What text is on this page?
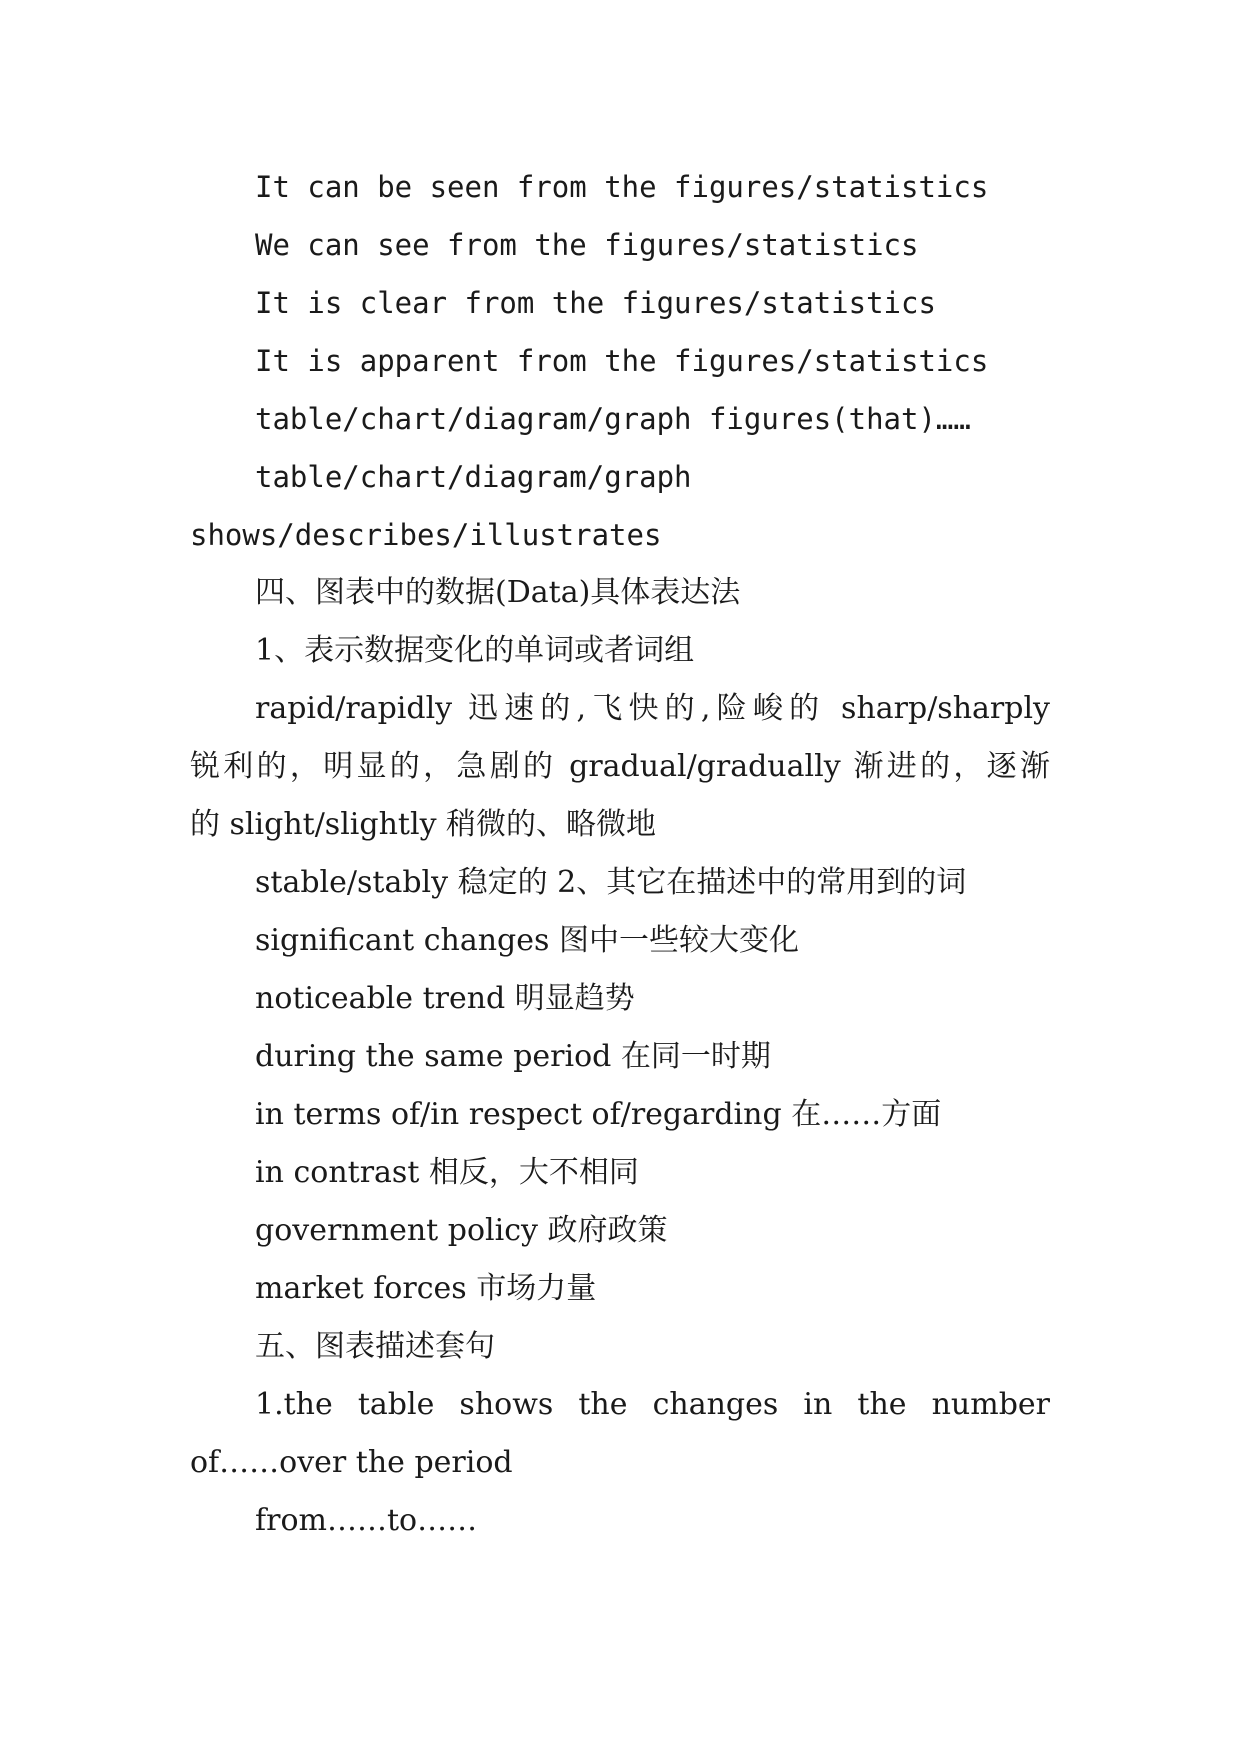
It can be seen from the figures/statistics

We can see from the figures/statistics

It is clear from the figures/statistics

It is apparent from the figures/statistics

table/chart/diagram/graph figures(that)……

table/chart/diagram/graph

shows/describes/illustrates

四、图表中的数据(Data)具体表达法

1、表示数据变化的单词或者词组

rapid/rapidly 迅速的,飞快的,险峻的 sharp/sharply

锐利的，明显的，急剧的 gradual/gradually 渐进的，逐渐

的 slight/slightly 稍微的、略微地

stable/stably 稳定的 2、其它在描述中的常用到的词

significant changes 图中一些较大变化

noticeable trend 明显趋势

during the same period 在同一时期

in terms of/in respect of/regarding 在……方面

in contrast 相反，大不相同

government policy 政府政策

market forces 市场力量

五、图表描述套句

1.the table shows the changes in the number

of……over the period

from……to……
